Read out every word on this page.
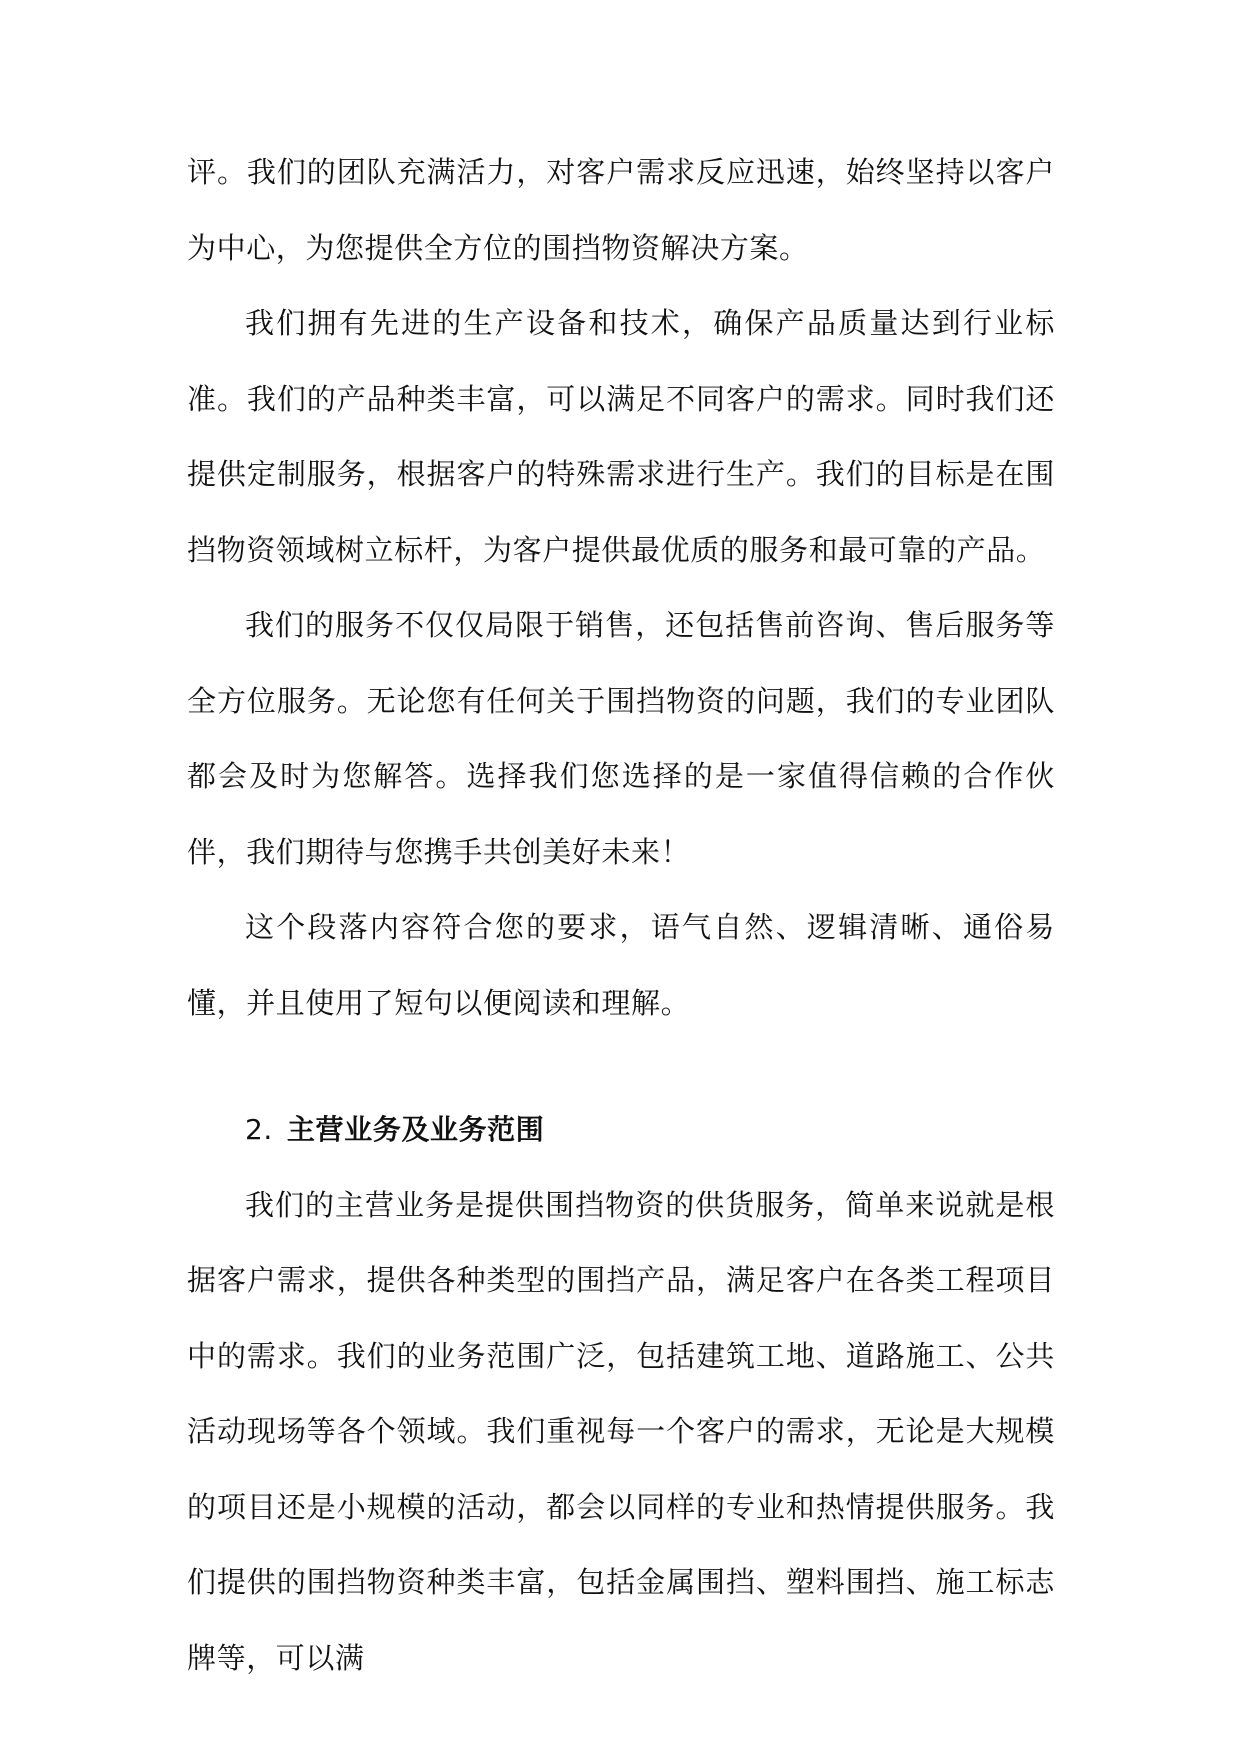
评。我们的团队充满活力，对客户需求反应迅速，始终坚持以客户为中心，为您提供全方位的围挡物资解决方案。

我们拥有先进的生产设备和技术，确保产品质量达到行业标准。我们的产品种类丰富，可以满足不同客户的需求。同时我们还提供定制服务，根据客户的特殊需求进行生产。我们的目标是在围挡物资领域树立标杆，为客户提供最优质的服务和最可靠的产品。

我们的服务不仅仅局限于销售，还包括售前咨询、售后服务等全方位服务。无论您有任何关于围挡物资的问题，我们的专业团队都会及时为您解答。选择我们您选择的是一家值得信赖的合作伙伴，我们期待与您携手共创美好未来！

这个段落内容符合您的要求，语气自然、逻辑清晰、通俗易懂，并且使用了短句以便阅读和理解。

2. 主营业务及业务范围

我们的主营业务是提供围挡物资的供货服务，简单来说就是根据客户需求，提供各种类型的围挡产品，满足客户在各类工程项目中的需求。我们的业务范围广泛，包括建筑工地、道路施工、公共活动现场等各个领域。我们重视每一个客户的需求，无论是大规模的项目还是小规模的活动，都会以同样的专业和热情提供服务。我们提供的围挡物资种类丰富，包括金属围挡、塑料围挡、施工标志牌等，可以满
